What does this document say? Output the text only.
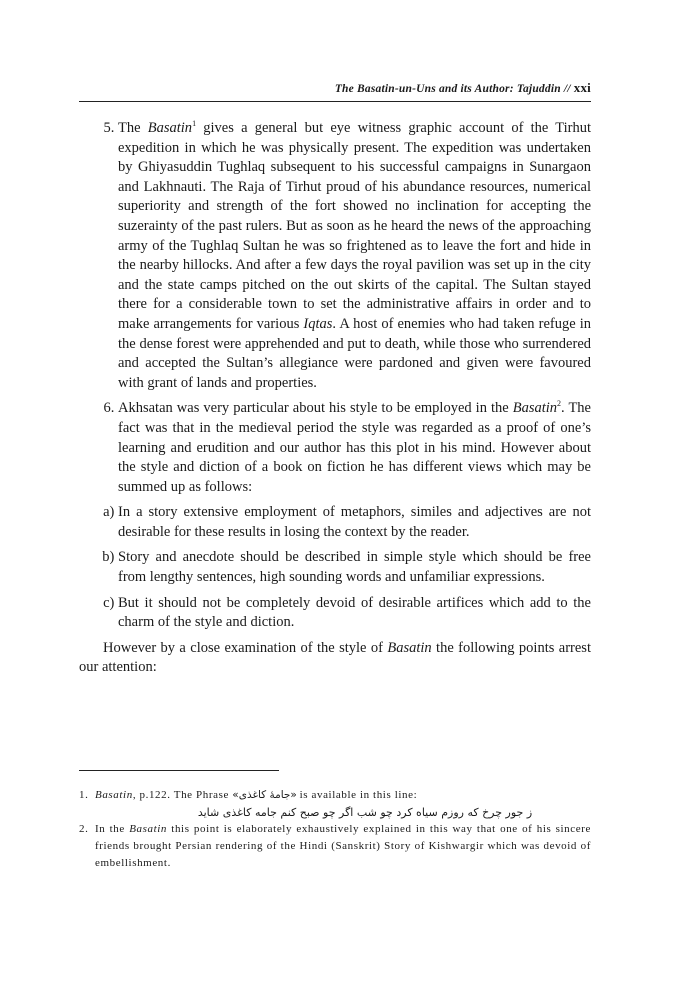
The Basatin-un-Uns and its Author: Tajuddin // xxi
5. The Basatin$^1$ gives a general but eye witness graphic account of the Tirhut expedition in which he was physically present. The expedition was undertaken by Ghiyasuddin Tughlaq subsequent to his successful campaigns in Sunargaon and Lakhnauti. The Raja of Tirhut proud of his abundance resources, numerical superiority and strength of the fort showed no inclination for accepting the suzerainty of the past rulers. But as soon as he heard the news of the approaching army of the Tughlaq Sultan he was so frightened as to leave the fort and hide in the nearby hillocks. And after a few days the royal pavilion was set up in the city and the state camps pitched on the out skirts of the capital. The Sultan stayed there for a considerable town to set the administrative affairs in order and to make arrangements for various Iqtas. A host of enemies who had taken refuge in the dense forest were apprehended and put to death, while those who surrendered and accepted the Sultan’s allegiance were pardoned and given were favoured with grant of lands and properties.

6. Akhsatan was very particular about his style to be employed in the Basatin$^2$. The fact was that in the medieval period the style was regarded as a proof of one’s learning and erudition and our author has this plot in his mind. However about the style and diction of a book on fiction he has different views which may be summed up as follows:

a) In a story extensive employment of metaphors, similes and adjectives are not desirable for these results in losing the context by the reader.

b) Story and anecdote should be described in simple style which should be free from lengthy sentences, high sounding words and unfamiliar expressions.

c) But it should not be completely devoid of desirable artifices which add to the charm of the style and diction.

However by a close examination of the style of Basatin the following points arrest our attention:

1. Basatin, p.122. The Phrase «جامۀ کاغذی» is available in this line:
ز جور چرخ که روزم سیاه کرد چو شب اگر چو صبح کنم جامه کاغذی شاید
2. In the Basatin this point is elaborately exhaustively explained in this way that one of his sincere friends brought Persian rendering of the Hindi (Sanskrit) Story of Kishwargir which was devoid of embellishment.
